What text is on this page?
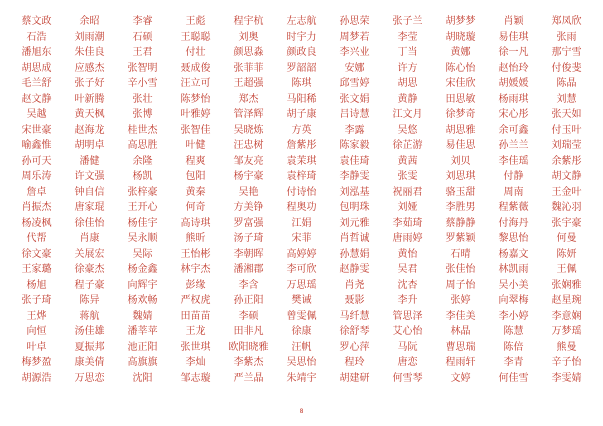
蔡文政	余昭	李睿	王彪	程宇杭	左志航	孙思荣	张子兰	胡梦梦	肖颖	郑凤欣
石浩	刘雨潮	石硕	王聪聪	刘奥	时宇力	周梦若	李莹	胡晓璇	易佳琪	张雨
潘旭东	朱佳良	王君	付壮	颜思淼	颜政良	李兴业	丁当	黄娜	徐一凡	那宁雪
胡思成	应感杰	张智明	聂成俊	张菲菲	罗韶韶	安娜	许方	陈心怡	赵怡玲	付俊斐
毛兰舒	张子好	辛小雪	汪立可	王超强	陈琪	邱雪婷	胡思	宋佳欣	胡媛媛	陈晶
赵文静	叶新腾	张壮	陈梦怡	郑杰	马阳稀	张文娟	黄静	田思敏	杨雨琪	刘慧
吴越	黄天枫	张博	叶雅婷	管泽辉	胡子康	吕诗慧	江文月	徐梦奇	宋心彤	张天如
宋世豪	赵海龙	桂世杰	张智佳	吴晓炼	方英	李露	吴悠	胡思雅	余可鑫	付玉叶
喻鑫惟	胡明卓	高思胜	叶健	汪忠树	詹紫彤	陈家毅	徐芷游	易佳思	孙兰兰	刘瑞莹
孙可天	潘健	余隆	程爽	邹友亮	袁茉琪	袁佳琦	黄茜	刘贝	李佳瑶	余紫彤
周乐涛	许文强	杨凯	包阳	杨宇豪	袁梓琦	李静雯	张雯	刘思琪	付静	胡文静
詹卓	钟自信	张梓豪	黄秦	吴艳	付诗怡	刘泓基	祝丽君	骆玉甜	周南	王金叶
肖振杰	唐家琨	王开心	何奇	方美铮	程奥功	包明珠	刘娅	李胜男	程紫薇	魏沁羽
杨凌枫	徐佳怡	杨佳宇	高诗琪	罗富强	江娟	刘元雅	李茹琦	蔡静静	付海丹	张宇豪
代帮	肖康	吴永顺	熊昕	汤子琦	宋菲	肖哲诚	唐雨婷	罗紫颖	黎思怡	何曼
徐文豪	关展宏	吴际	王怡彬	李朝晖	高婷婷	孙慧娟	黄怡	石晴	杨嘉文	陈妍
王家璐	徐豪杰	杨金鑫	林宇杰	潘湘郡	李可欣	赵静雯	吴君	张佳怡	林凯雨	王佩
杨旭	程子豪	向辉宇	彭缘	李含	万思瑶	肖尧	沈杏	周子怡	吴小美	张娴雅
张子琦	陈异	杨欢畅	严权虎	孙正阳	樊诫	聂影	李升	张婷	向翠梅	赵星琬
王烨	蒋航	魏婧	田苗苗	李硕	曾雯佩	马纤慧	管思泽	李佳美	李小婷	李意娴
向恒	汤佳雄	潘莘苹	王龙	田非凡	徐康	徐舒琴	艾心怡	林晶	陈慧	万梦瑶
叶卓	夏振邦	池正阳	张世琪	欧阳晓雅	汪帆	罗心萍	马阮	曹思瑞	陈倍	熊曼
梅梦盈	康美倩	高旗旗	李灿	李紫杰	吴思怡	程玲	唐恋	程雨轩	李青	辛子怡
胡源浩	万思恋	沈阳	邹志璇	严兰晶	朱靖宇	胡建研	何雪琴	文婷	何佳雪	李雯婧
8
